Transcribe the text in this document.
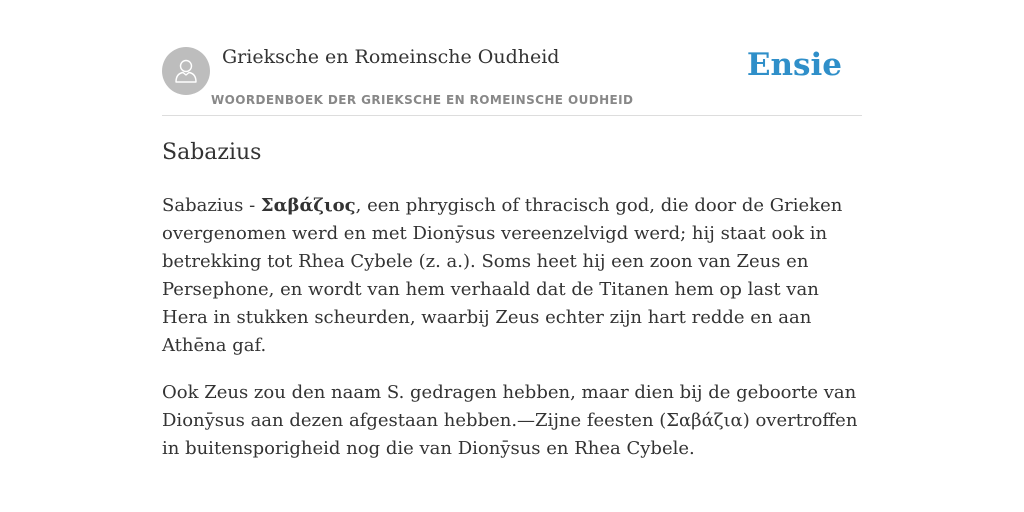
Grieksche en Romeinsche Oudheid
WOORDENBOEK DER GRIEKSCHE EN ROMEINSCHE OUDHEID
Ensie
Sabazius

Sabazius - Σαβάζιος, een phrygisch of thracisch god, die door de Grieken overgenomen werd en met Dionȳsus vereenzelvigd werd; hij staat ook in betrekking tot Rhea Cybele (z. a.). Soms heet hij een zoon van Zeus en Persephone, en wordt van hem verhaald dat de Titanen hem op last van Hera in stukken scheurden, waarbij Zeus echter zijn hart redde en aan Athēna gaf.

Ook Zeus zou den naam S. gedragen hebben, maar dien bij de geboorte van Dionȳsus aan dezen afgestaan hebben.—Zijne feesten (Σαβάζια) overtroffen in buitensporigheid nog die van Dionȳsus en Rhea Cybele.
